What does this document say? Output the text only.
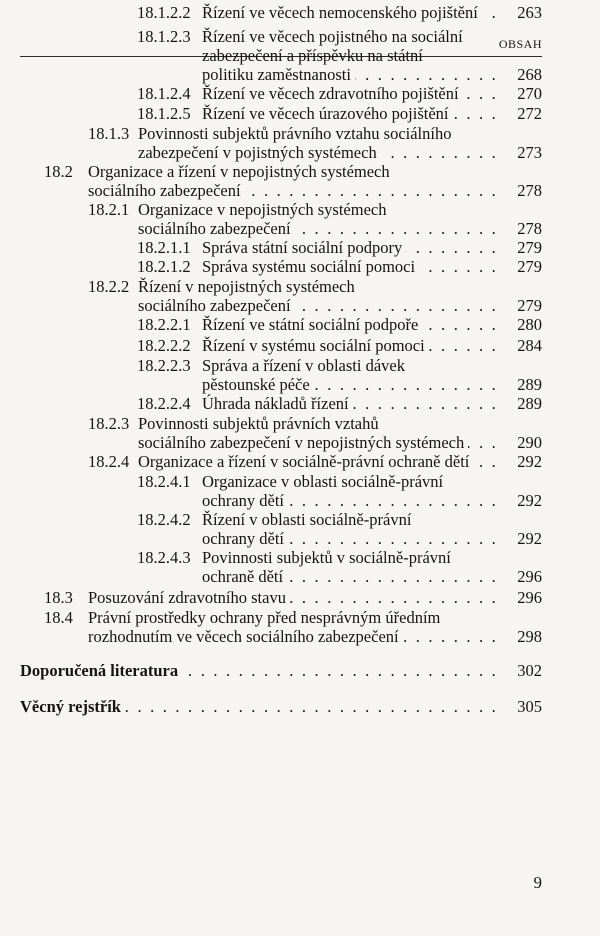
OBSAH
18.1.2.2 Řízení ve věcech nemocenského pojištění . . .	263
18.1.2.3 Řízení ve věcech pojistného na sociální
zabezpečení a příspěvku na státní
politiku zaměstnanosti . . .	268
18.1.2.4 Řízení ve věcech zdravotního pojištění . . .	270
18.1.2.5 Řízení ve věcech úrazového pojištění . . .	272
18.1.3 Povinnosti subjektů právního vztahu sociálního
zabezpečení v pojistných systémech . . .	273
18.2 Organizace a řízení v nepojistných systémech
sociálního zabezpečení . . .	278
18.2.1 Organizace v nepojistných systémech
sociálního zabezpečení . . .	278
18.2.1.1 Správa státní sociální podpory . . .	279
18.2.1.2 Správa systému sociální pomoci . . .	279
18.2.2 Řízení v nepojistných systémech
sociálního zabezpečení . . .	279
18.2.2.1 Řízení ve státní sociální podpoře . . .	280
18.2.2.2 Řízení v systému sociální pomoci . . .	284
18.2.2.3 Správa a řízení v oblasti dávek
pěstounské péče . . .	289
18.2.2.4 Úhrada nákladů řízení . . .	289
18.2.3 Povinnosti subjektů právních vztahů
sociálního zabezpečení v nepojistných systémech . . .	290
18.2.4 Organizace a řízení v sociálně-právní ochraně dětí . . .	292
18.2.4.1 Organizace v oblasti sociálně-právní
ochrany dětí . . .	292
18.2.4.2 Řízení v oblasti sociálně-právní
ochrany dětí . . .	292
18.2.4.3 Povinnosti subjektů v sociálně-právní
ochraně dětí . . .	296
18.3 Posuzování zdravotního stavu . . .	296
18.4 Právní prostředky ochrany před nesprávným úředním
rozhodnutím ve věcech sociálního zabezpečení . . .	298
Doporučená literatura . . .	302
Věcný rejstřík . . .	305
9
